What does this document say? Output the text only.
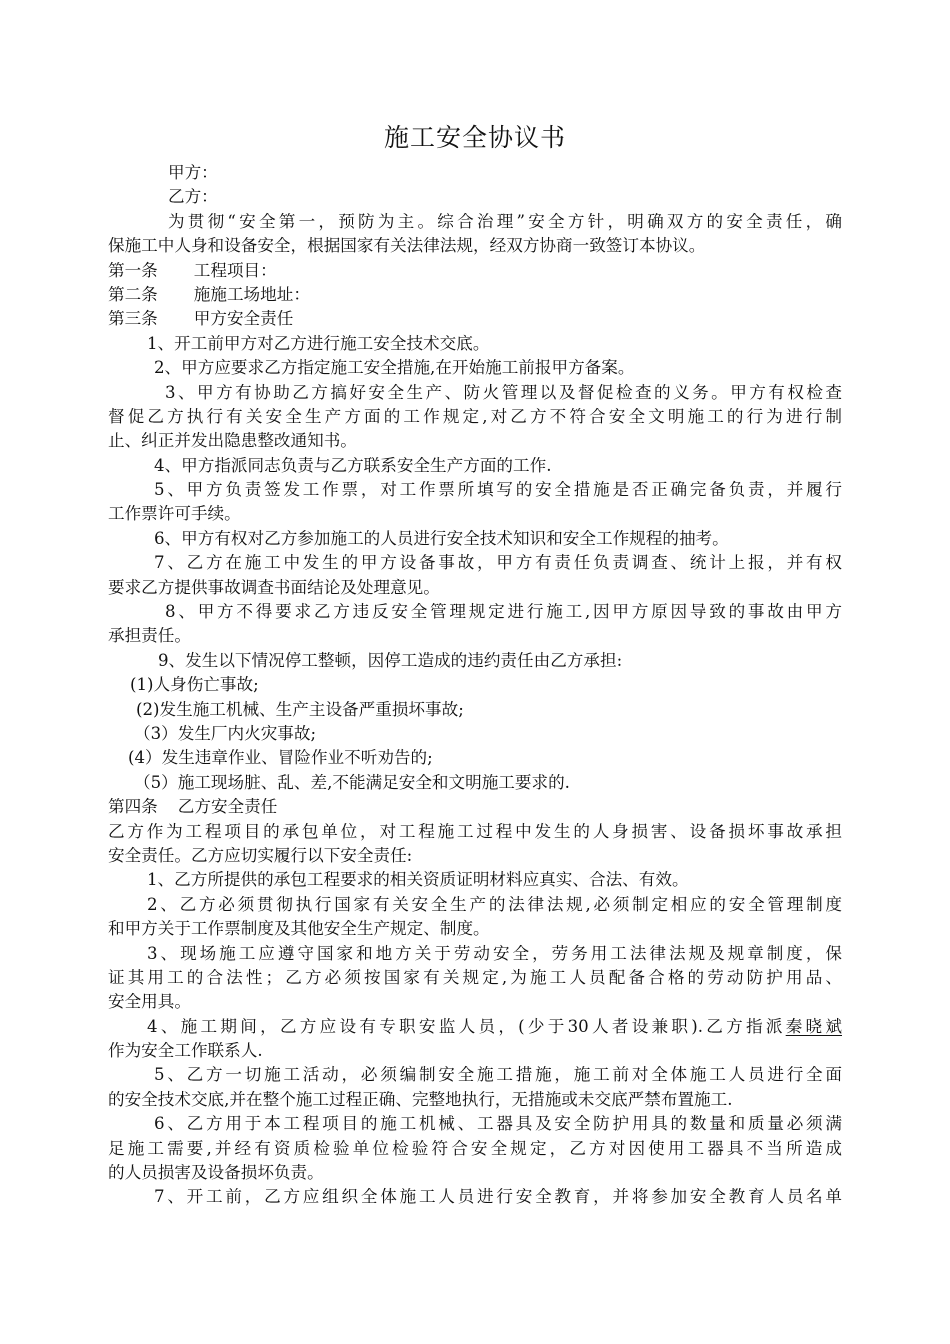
施工安全协议书
甲方：
乙方：
为贯彻“安全第一，预防为主。综合治理”安全方针，明确双方的安全责任，确
保施工中人身和设备安全，根据国家有关法律法规，经双方协商一致签订本协议。
第一条 工程项目：
第二条 施施工场地址：
第三条 甲方安全责任
1、开工前甲方对乙方进行施工安全技术交底。
2、甲方应要求乙方指定施工安全措施,在开始施工前报甲方备案。
3、甲方有协助乙方搞好安全生产、防火管理以及督促检查的义务。甲方有权检查
督促乙方执行有关安全生产方面的工作规定,对乙方不符合安全文明施工的行为进行制
止、纠正并发出隐患整改通知书。
4、甲方指派同志负责与乙方联系安全生产方面的工作.
5、甲方负责签发工作票，对工作票所填写的安全措施是否正确完备负责，并履行
工作票许可手续。
6、甲方有权对乙方参加施工的人员进行安全技术知识和安全工作规程的抽考。
7、乙方在施工中发生的甲方设备事故，甲方有责任负责调查、统计上报，并有权
要求乙方提供事故调查书面结论及处理意见。
8、甲方不得要求乙方违反安全管理规定进行施工,因甲方原因导致的事故由甲方
承担责任。
9、发生以下情况停工整顿，因停工造成的违约责任由乙方承担:
(1)人身伤亡事故;
(2)发生施工机械、生产主设备严重损坏事故;
（3）发生厂内火灾事故;
(4）发生违章作业、冒险作业不听劝告的;
（5）施工现场脏、乱、差,不能满足安全和文明施工要求的.
第四条 乙方安全责任
乙方作为工程项目的承包单位，对工程施工过程中发生的人身损害、设备损坏事故承担
安全责任。乙方应切实履行以下安全责任:
1、乙方所提供的承包工程要求的相关资质证明材料应真实、合法、有效。
2、乙方必须贯彻执行国家有关安全生产的法律法规,必须制定相应的安全管理制度
和甲方关于工作票制度及其他安全生产规定、制度。
3、现场施工应遵守国家和地方关于劳动安全，劳务用工法律法规及规章制度，保
证其用工的合法性；乙方必须按国家有关规定,为施工人员配备合格的劳动防护用品、
安全用具。
4、施工期间，乙方应设有专职安监人员，(少于30人者设兼职).乙方指派秦晓斌
作为安全工作联系人.
5、乙方一切施工活动，必须编制安全施工措施，施工前对全体施工人员进行全面
的安全技术交底,并在整个施工过程正确、完整地执行，无措施或未交底严禁布置施工.
6、乙方用于本工程项目的施工机械、工器具及安全防护用具的数量和质量必须满
足施工需要,并经有资质检验单位检验符合安全规定，乙方对因使用工器具不当所造成
的人员损害及设备损坏负责。
7、开工前，乙方应组织全体施工人员进行安全教育，并将参加安全教育人员名单
